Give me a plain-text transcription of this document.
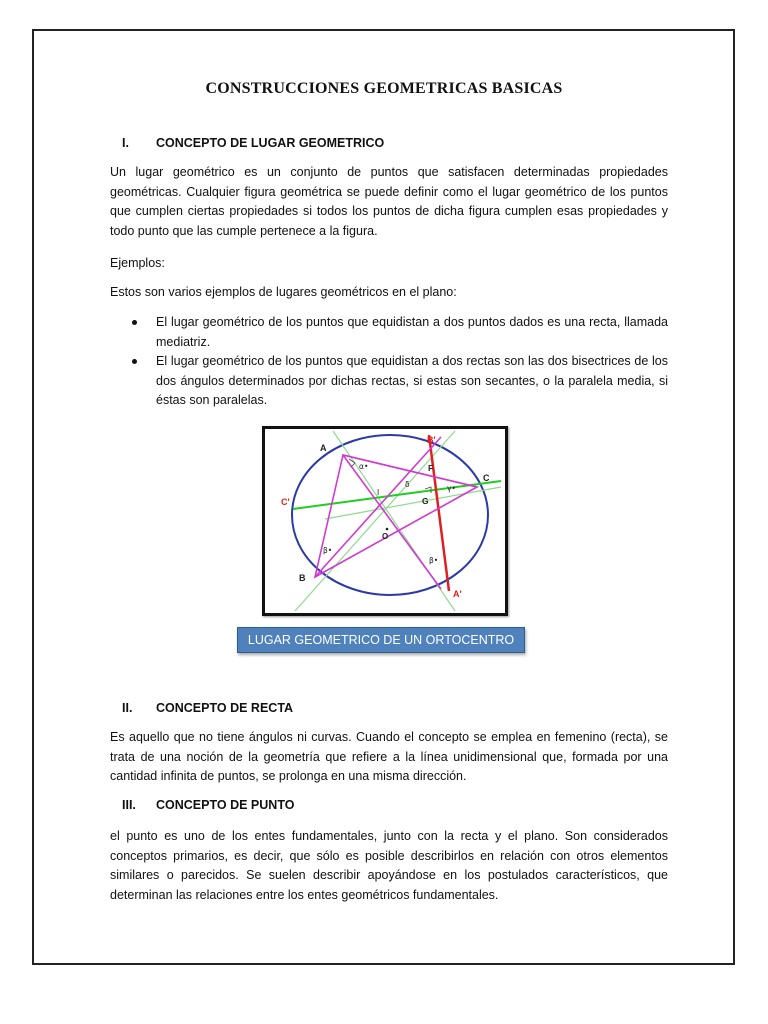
CONSTRUCCIONES GEOMETRICAS BASICAS
I. CONCEPTO DE LUGAR GEOMETRICO
Un lugar geométrico es un conjunto de puntos que satisfacen determinadas propiedades geométricas. Cualquier figura geométrica se puede definir como el lugar geométrico de los puntos que cumplen ciertas propiedades si todos los puntos de dicha figura cumplen esas propiedades y todo punto que las cumple pertenece a la figura.
Ejemplos:
Estos son varios ejemplos de lugares geométricos en el plano:
El lugar geométrico de los puntos que equidistan a dos puntos dados es una recta, llamada mediatriz.
El lugar geométrico de los puntos que equidistan a dos rectas son las dos bisectrices de los dos ángulos determinados por dichas rectas, si estas son secantes, o la paralela media, si éstas son paralelas.
A
B
C
B'
A'
C'
F
G
I
O
α•
β•
β•
γ•
δ
LUGAR GEOMETRICO DE UN ORTOCENTRO
II. CONCEPTO DE RECTA
Es aquello que no tiene ángulos ni curvas. Cuando el concepto se emplea en femenino (recta), se trata de una noción de la geometría que refiere a la línea unidimensional que, formada por una cantidad infinita de puntos, se prolonga en una misma dirección.
III. CONCEPTO DE PUNTO
el punto es uno de los entes fundamentales, junto con la recta y el plano. Son considerados conceptos primarios, es decir, que sólo es posible describirlos en relación con otros elementos similares o parecidos. Se suelen describir apoyándose en los postulados característicos, que determinan las relaciones entre los entes geométricos fundamentales.
